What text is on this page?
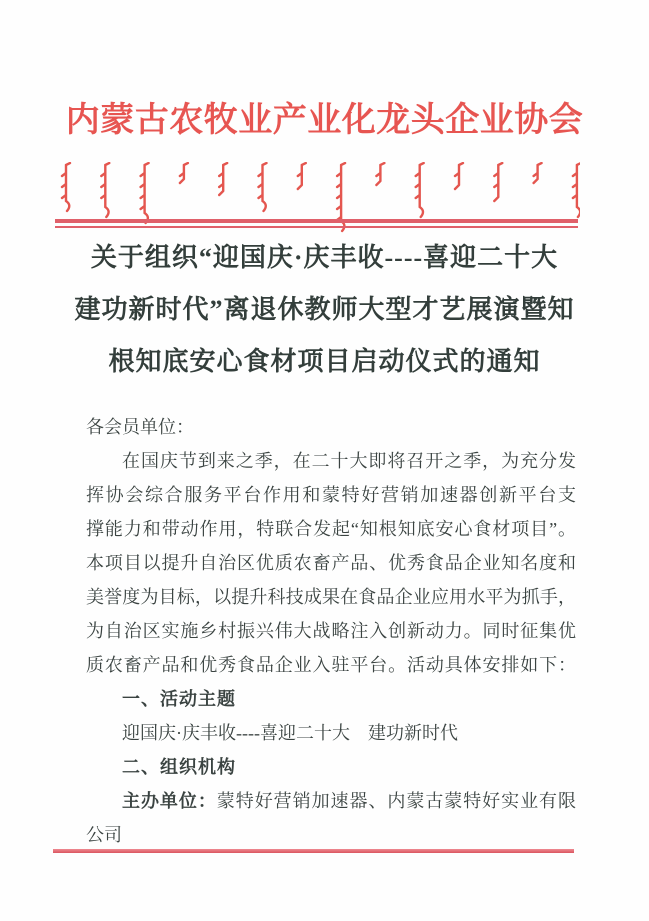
内蒙古农牧业产业化龙头企业协会
关于组织“迎国庆·庆丰收----喜迎二十大
建功新时代”离退休教师大型才艺展演暨知
根知底安心食材项目启动仪式的通知
各会员单位：
在国庆节到来之季，在二十大即将召开之季，为充分发
挥协会综合服务平台作用和蒙特好营销加速器创新平台支
撑能力和带动作用，特联合发起“知根知底安心食材项目”。
本项目以提升自治区优质农畜产品、优秀食品企业知名度和
美誉度为目标，以提升科技成果在食品企业应用水平为抓手，
为自治区实施乡村振兴伟大战略注入创新动力。同时征集优
质农畜产品和优秀食品企业入驻平台。活动具体安排如下：
一、活动主题
迎国庆·庆丰收----喜迎二十大　建功新时代
二、组织机构
主办单位：蒙特好营销加速器、内蒙古蒙特好实业有限
公司
